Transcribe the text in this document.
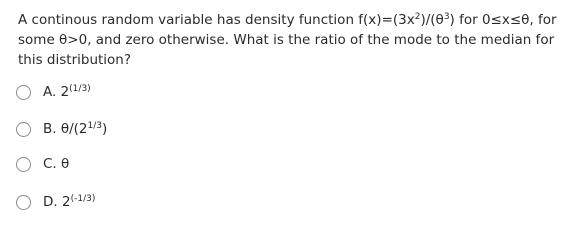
A continous random variable has density function $f(x)=(3x^2)/(\theta^3)$ for 0≤x≤θ, for some θ>0, and zero otherwise. What is the ratio of the mode to the median for this distribution?

A. $2^{(1/3)}$
B. $\theta/(2^{1/3})$
C. θ
D. $2^{(-1/3)}$
